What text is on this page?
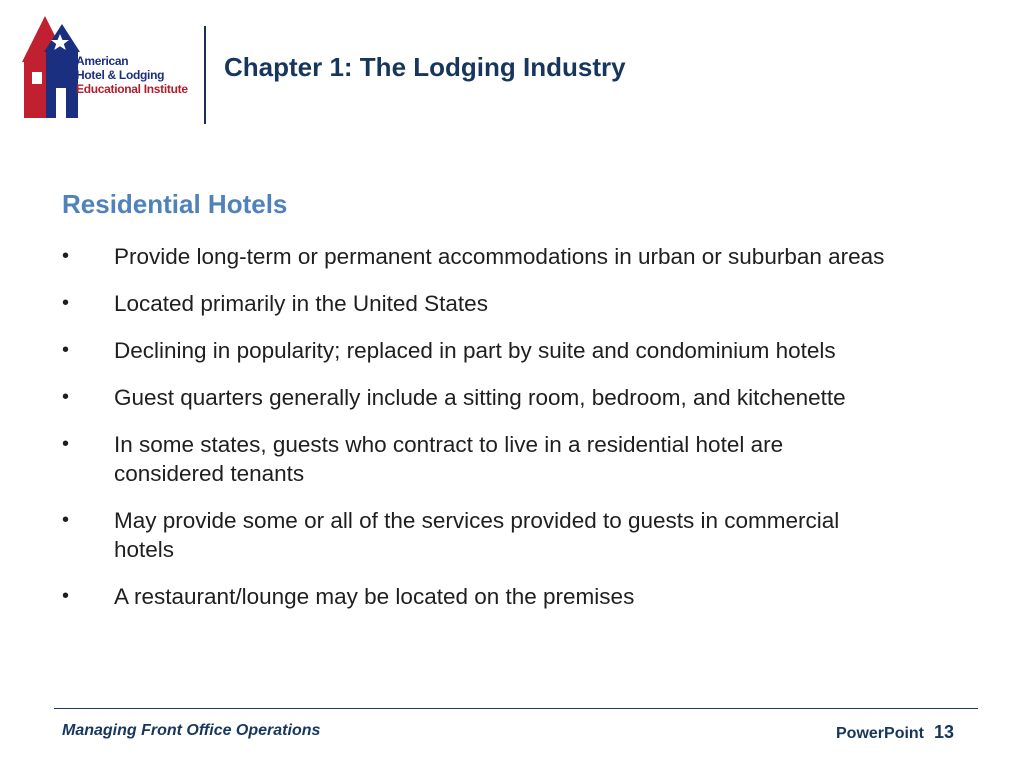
American
Hotel & Lodging
Educational Institute
Chapter 1: The Lodging Industry
Residential Hotels
• Provide long-term or permanent accommodations in urban or suburban areas
• Located primarily in the United States
• Declining in popularity; replaced in part by suite and condominium hotels
• Guest quarters generally include a sitting room, bedroom, and kitchenette
• In some states, guests who contract to live in a residential hotel are
considered tenants
• May provide some or all of the services provided to guests in commercial
hotels
• A restaurant/lounge may be located on the premises
Managing Front Office Operations	PowerPoint 13
